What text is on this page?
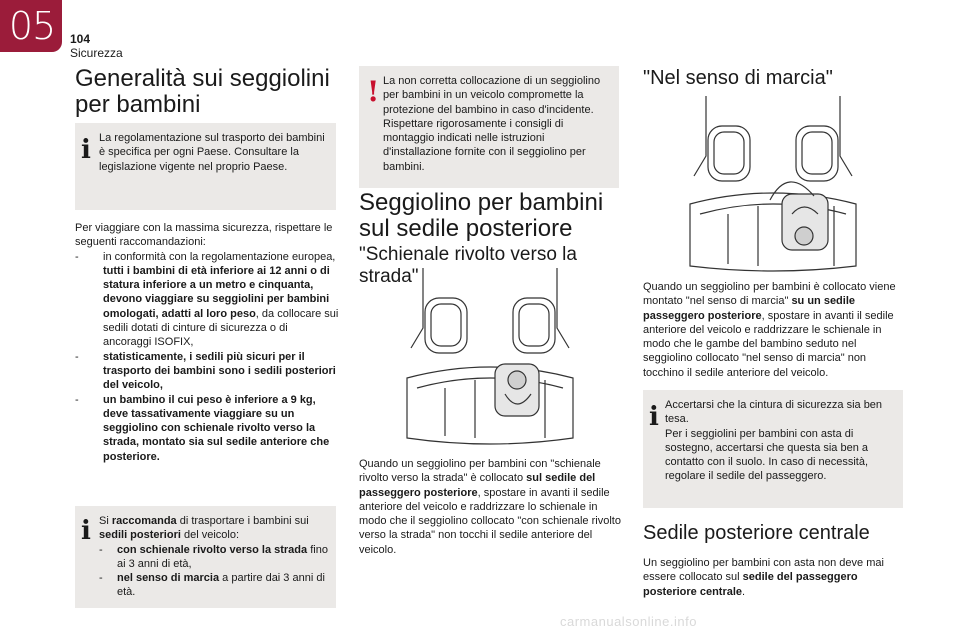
05	104
Sicurezza
Generalità sui seggiolini
per bambini
i La regolamentazione sul trasporto dei bambini è specifica per ogni Paese. Consultare la legislazione vigente nel proprio Paese.
Per viaggiare con la massima sicurezza, rispettare le seguenti raccomandazioni:
- in conformità con la regolamentazione europea, tutti i bambini di età inferiore ai 12 anni o di statura inferiore a un metro e cinquanta, devono viaggiare su seggiolini per bambini omologati, adatti al loro peso, da collocare sui sedili dotati di cinture di sicurezza o di ancoraggi ISOFIX,
- statisticamente, i sedili più sicuri per il trasporto dei bambini sono i sedili posteriori del veicolo,
- un bambino il cui peso è inferiore a 9 kg, deve tassativamente viaggiare su un seggiolino con schienale rivolto verso la strada, montato sia sul sedile anteriore che posteriore.
i Si raccomanda di trasportare i bambini sui sedili posteriori del veicolo:
- con schienale rivolto verso la strada fino ai 3 anni di età,
- nel senso di marcia a partire dai 3 anni di età.
! La non corretta collocazione di un seggiolino per bambini in un veicolo compromette la protezione del bambino in caso d'incidente. Rispettare rigorosamente i consigli di montaggio indicati nelle istruzioni d'installazione fornite con il seggiolino per bambini.
Seggiolino per bambini
sul sedile posteriore
"Schienale rivolto verso la strada"
Quando un seggiolino per bambini con "schienale rivolto verso la strada" è collocato sul sedile del passeggero posteriore, spostare in avanti il sedile anteriore del veicolo e raddrizzare lo schienale in modo che il seggiolino collocato "con schienale rivolto verso la strada" non tocchi il sedile anteriore del veicolo.
"Nel senso di marcia"
Quando un seggiolino per bambini è collocato viene montato "nel senso di marcia" su un sedile passeggero posteriore, spostare in avanti il sedile anteriore del veicolo e raddrizzare le schienale in modo che le gambe del bambino seduto nel seggiolino collocato "nel senso di marcia" non tocchino il sedile anteriore del veicolo.
i Accertarsi che la cintura di sicurezza sia ben tesa.
Per i seggiolini per bambini con asta di sostegno, accertarsi che questa sia ben a contatto con il suolo. In caso di necessità, regolare il sedile del passeggero.
Sedile posteriore centrale
Un seggiolino per bambini con asta non deve mai essere collocato sul sedile del passeggero posteriore centrale.
carmanualsonline.info
